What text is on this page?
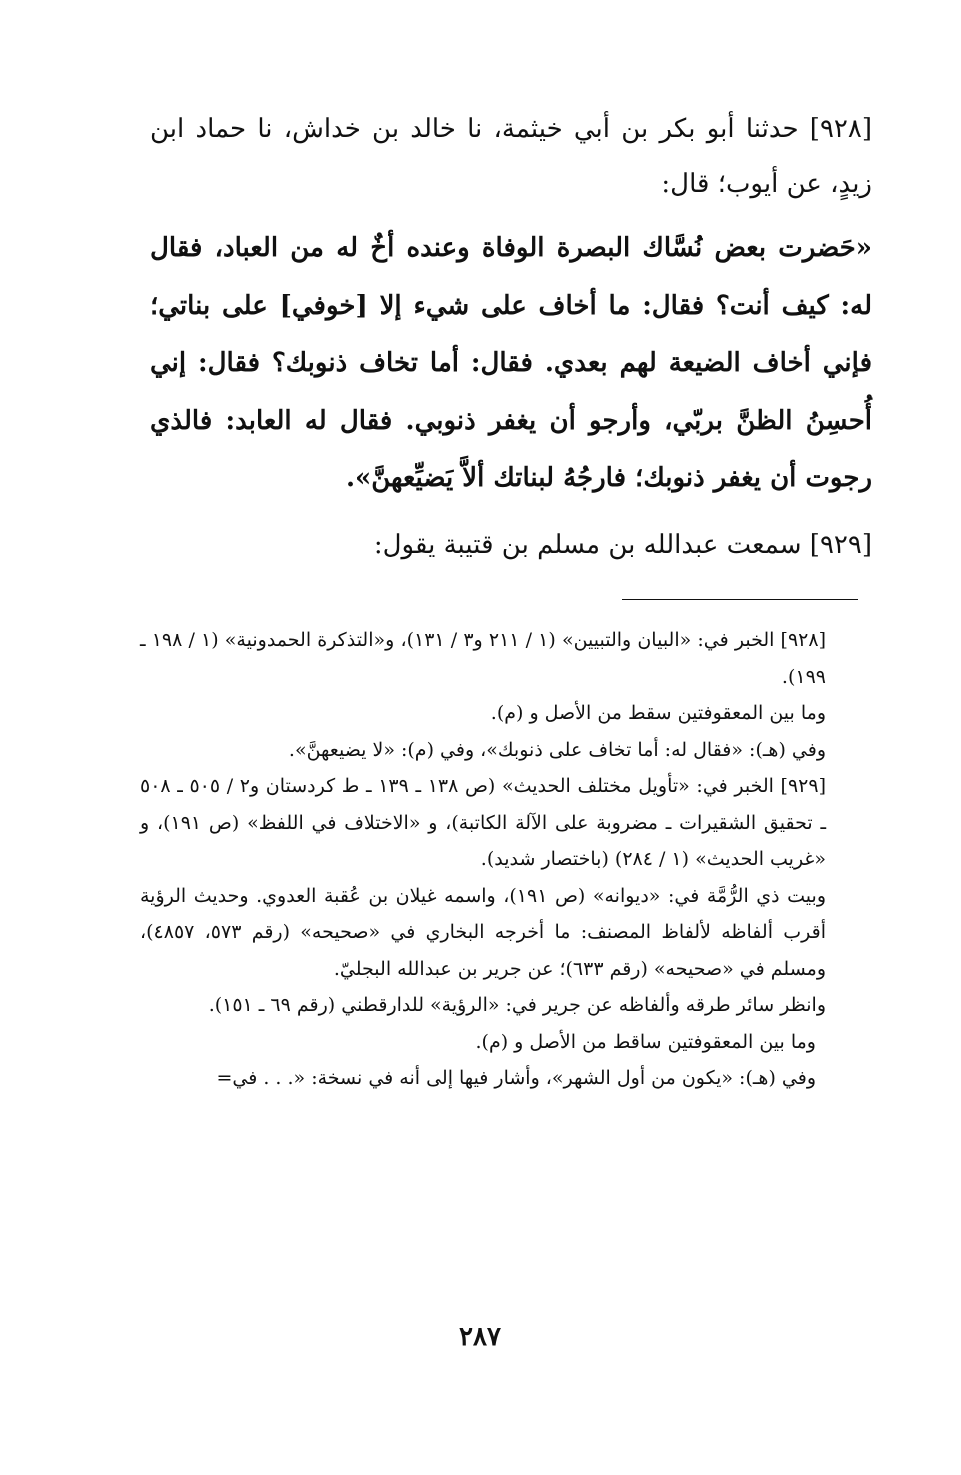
[٩٢٨] حدثنا أبو بكر بن أبي خيثمة، نا خالد بن خداش، نا حماد ابن زيدٍ، عن أيوب؛ قال:

«حَضرت بعض نُسَّاك البصرة الوفاة وعنده أخٌ له من العباد، فقال له: كيف أنت؟ فقال: ما أخاف على شيء إلا [خوفي] على بناتي؛ فإني أخاف الضيعة لهم بعدي. فقال: أما تخاف ذنوبك؟ فقال: إني أُحسِنُ الظنَّ بربّي، وأرجو أن يغفر ذنوبي. فقال له العابد: فالذي رجوت أن يغفر ذنوبك؛ فارجُهُ لبناتك ألاَّ يَضيِّعهنَّ».

[٩٢٩] سمعت عبدالله بن مسلم بن قتيبة يقول:

[٩٢٨] الخبر في: «البيان والتبيين» (١ / ٢١١ و٣ / ١٣١)، و«التذكرة الحمدونية» (١ / ١٩٨ ـ ١٩٩).

وما بين المعقوفتين سقط من الأصل و (م).

وفي (هـ): «فقال له: أما تخاف على ذنوبك»، وفي (م): «لا يضيعهنَّ».

[٩٢٩] الخبر في: «تأويل مختلف الحديث» (ص ١٣٨ ـ ١٣٩ ـ ط كردستان و٢ / ٥٠٥ ـ ٥٠٨ ـ تحقيق الشقيرات ـ مضروبة على الآلة الكاتبة)، و «الاختلاف في اللفظ» (ص ١٩١)، و «غريب الحديث» (١ / ٢٨٤) (باختصار شديد).

وبيت ذي الرُّمَّة في: «ديوانه» (ص ١٩١)، واسمه غيلان بن عُقبة العدوي. وحديث الرؤية أقرب ألفاظه لألفاظ المصنف: ما أخرجه البخاري في «صحيحه» (رقم ٥٧٣، ٤٨٥٧)، ومسلم في «صحيحه» (رقم ٦٣٣)؛ عن جرير بن عبدالله البجليّ.

وانظر سائر طرقه وألفاظه عن جرير في: «الرؤية» للدارقطني (رقم ٦٩ ـ ١٥١).

وما بين المعقوفتين ساقط من الأصل و (م).

وفي (هـ): «يكون من أول الشهر»، وأشار فيها إلى أنه في نسخة: «. . . في=

٢٨٧
